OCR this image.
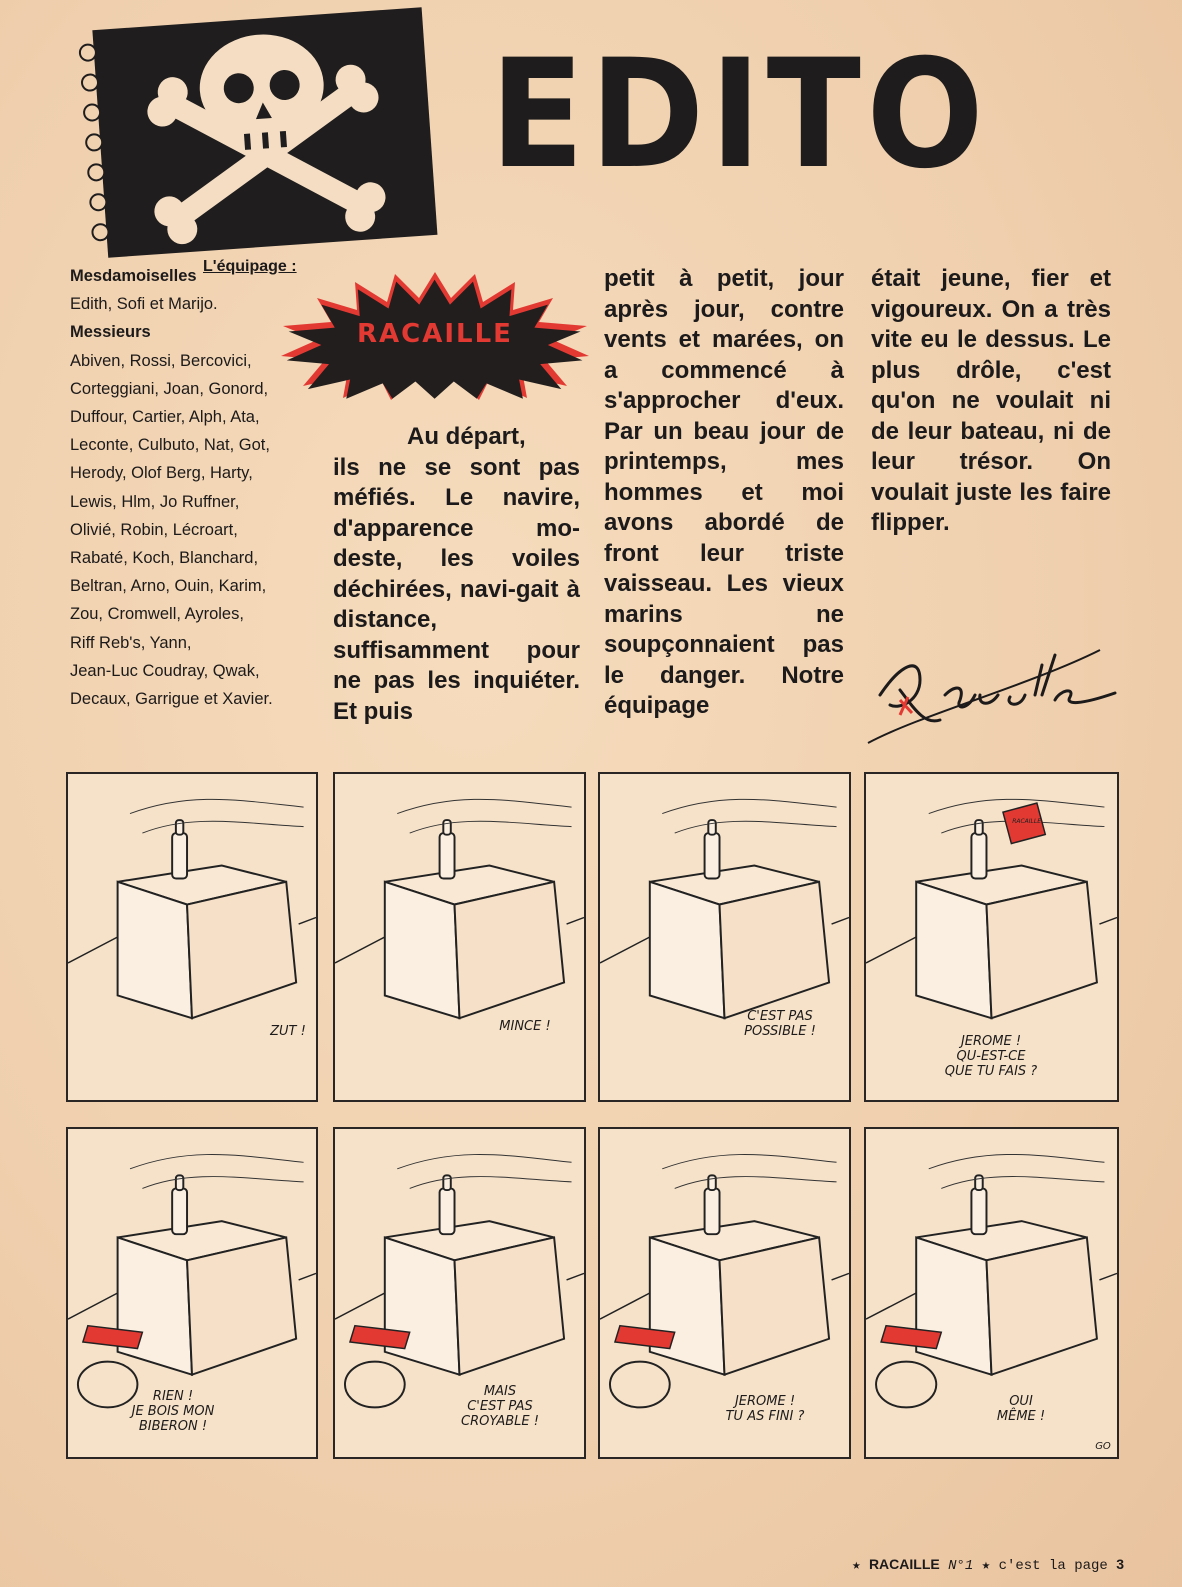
EDITO
L'équipage :
Mesdamoiselles
Edith, Sofi et Marijo.
Messieurs
Abiven, Rossi, Bercovici,
Corteggiani, Joan, Gonord,
Duffour, Cartier, Alph, Ata,
Leconte, Culbuto, Nat, Got,
Herody, Olof Berg, Harty,
Lewis, Hlm, Jo Ruffner,
Olivié, Robin, Lécroart,
Rabaté, Koch, Blanchard,
Beltran, Arno, Ouin, Karim,
Zou, Cromwell, Ayroles,
Riff Reb's, Yann,
Jean-Luc Coudray, Qwak,
Decaux, Garrigue et Xavier.
RACAILLE
Au départ,
ils ne se sont pas méfiés. Le navire, d'apparence mo-deste, les voiles déchirées, navi-gait à distance, suffisamment pour ne pas les inquiéter. Et puis
petit à petit, jour après jour, contre vents et marées, on a commencé à s'approcher d'eux. Par un beau jour de printemps, mes hommes et moi avons abordé de front leur triste vaisseau. Les vieux marins ne soupçonnaient pas le danger. Notre équipage
était jeune, fier et vigoureux. On a très vite eu le dessus. Le plus drôle, c'est qu'on ne voulait ni de leur bateau, ni de leur trésor. On voulait juste les faire flipper.
ZUT !	MINCE !
C'EST PAS
POSSIBLE !
JEROME !
QU-EST-CE
QUE TU FAIS ?
RACAILLE
RIEN !
JE BOIS MON
BIBERON !
MAIS
C'EST PAS
CROYABLE !
JEROME !
TU AS FINI ?
OUI
MÊME !
GO
★ RACAILLE N°1 ★ c'est la page 3
